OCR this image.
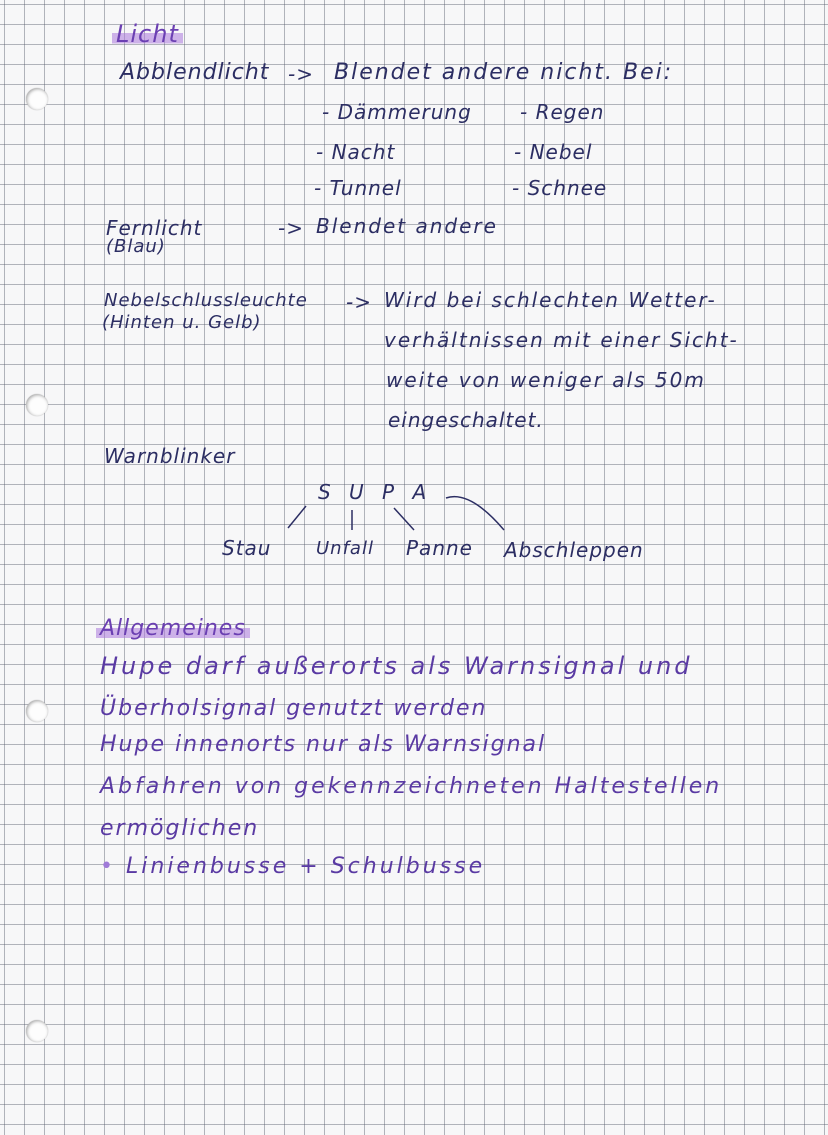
Licht
Abblendlicht -> Blendet andere nicht. Bei:
- Dämmerung
- Nacht
- Tunnel
- Regen
- Nebel
- Schnee
Fernlicht
(Blau)
-> Blendet andere
Nebelschlussleuchte
(Hinten u. Gelb)
-> Wird bei schlechten Wetter-
verhältnissen mit einer Sicht-
weite von weniger als 50m
eingeschaltet.
Warnblinker
S U P A
Stau Unfall Panne Abschleppen
Allgemeines
Hupe darf außerorts als Warnsignal und
Überholsignal genutzt werden
Hupe innenorts nur als Warnsignal
Abfahren von gekennzeichneten Haltestellen
ermöglichen
• Linienbusse + Schulbusse
